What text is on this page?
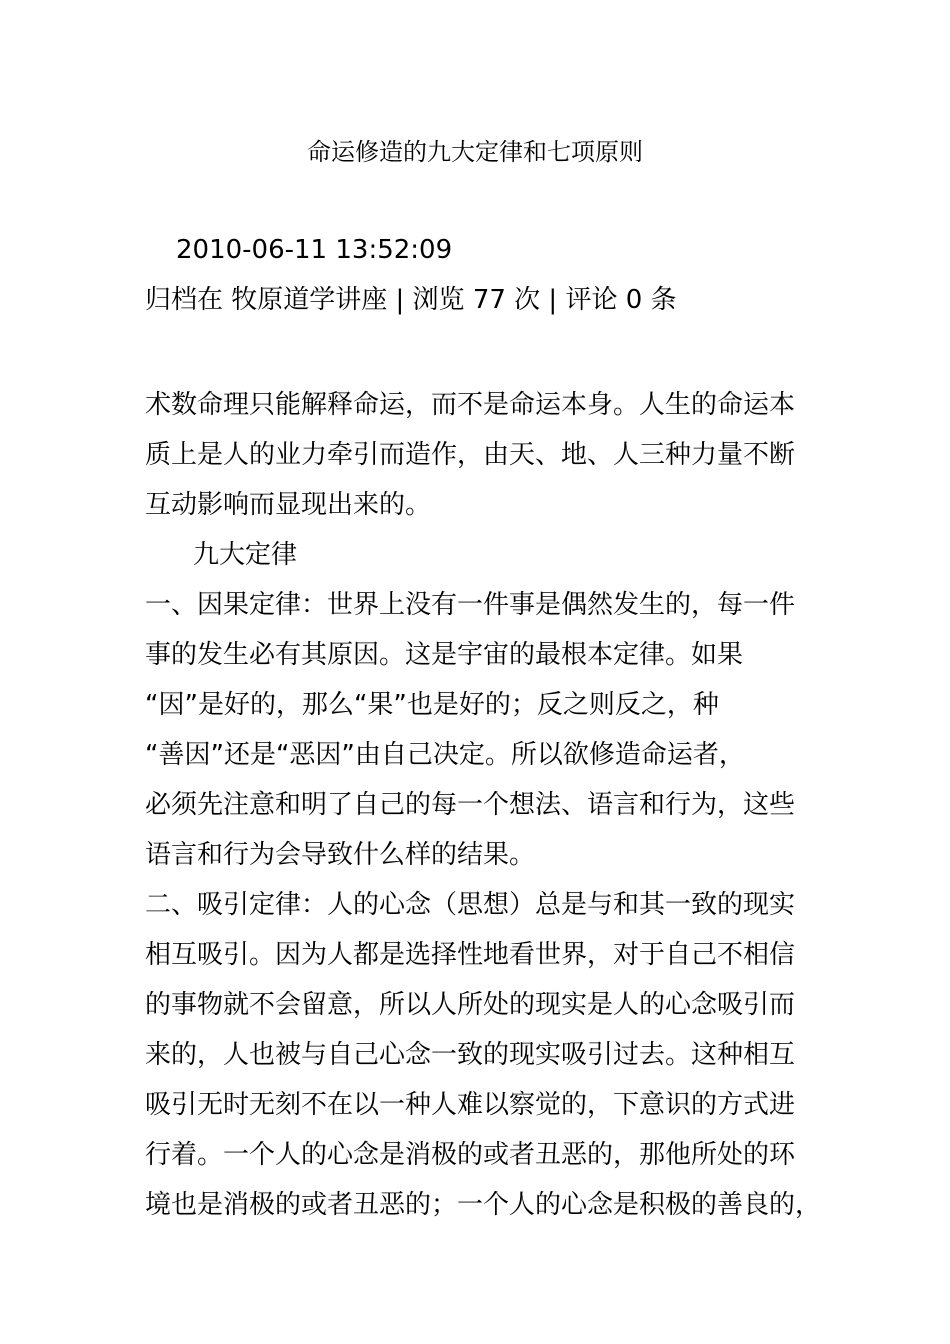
命运修造的九大定律和七项原则

2010-06-11 13:52:09

归档在 牧原道学讲座 | 浏览 77 次 | 评论 0 条

术数命理只能解释命运，而不是命运本身。人生的命运本

质上是人的业力牵引而造作，由天、地、人三种力量不断

互动影响而显现出来的。

九大定律

一、因果定律：世界上没有一件事是偶然发生的，每一件

事的发生必有其原因。这是宇宙的最根本定律。如果

“因”是好的，那么“果”也是好的；反之则反之，种

“善因”还是“恶因”由自己决定。所以欲修造命运者，

必须先注意和明了自己的每一个想法、语言和行为，这些

语言和行为会导致什么样的结果。

二、吸引定律：人的心念（思想）总是与和其一致的现实

相互吸引。因为人都是选择性地看世界，对于自己不相信

的事物就不会留意，所以人所处的现实是人的心念吸引而

来的，人也被与自己心念一致的现实吸引过去。这种相互

吸引无时无刻不在以一种人难以察觉的，下意识的方式进

行着。一个人的心念是消极的或者丑恶的，那他所处的环

境也是消极的或者丑恶的；一个人的心念是积极的善良的，
